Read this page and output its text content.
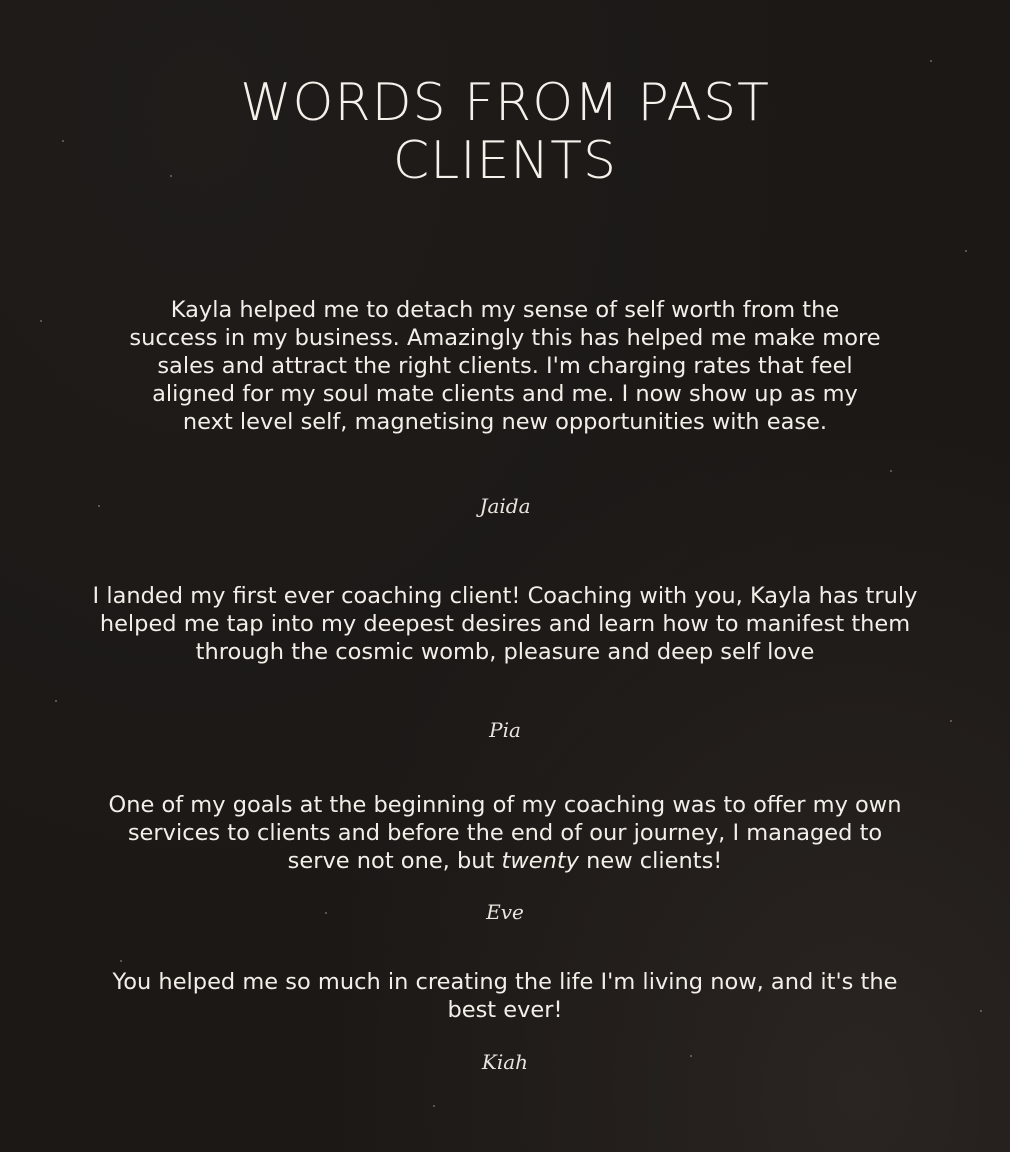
WORDS FROM PAST
CLIENTS

Kayla helped me to detach my sense of self worth from the success in my business. Amazingly this has helped me make more sales and attract the right clients. I'm charging rates that feel aligned for my soul mate clients and me. I now show up as my next level self, magnetising new opportunities with ease.

Jaida

I landed my first ever coaching client! Coaching with you, Kayla has truly helped me tap into my deepest desires and learn how to manifest them through the cosmic womb, pleasure and deep self love

Pia

One of my goals at the beginning of my coaching was to offer my own services to clients and before the end of our journey, I managed to serve not one, but twenty new clients!

Eve

You helped me so much in creating the life I'm living now, and it's the best ever!

Kiah
